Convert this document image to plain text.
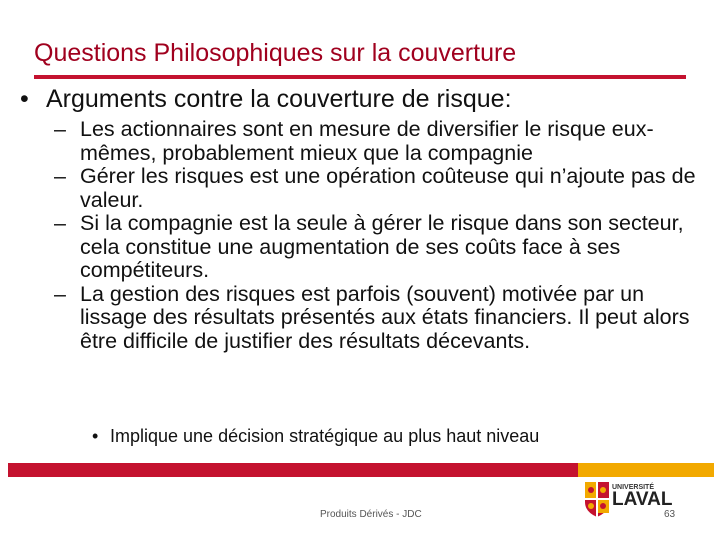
Questions Philosophiques sur la couverture
• Arguments contre la couverture de risque:
– Les actionnaires sont en mesure de diversifier le risque eux-mêmes, probablement mieux que la compagnie
– Gérer les risques est une opération coûteuse qui n’ajoute pas de valeur.
– Si la compagnie est la seule à gérer le risque dans son secteur, cela constitue une augmentation de ses coûts face à ses compétiteurs.
– La gestion des risques est parfois (souvent) motivée par un lissage des résultats présentés aux états financiers. Il peut alors être difficile de justifier des résultats décevants.
• Implique une décision stratégique au plus haut niveau
UNIVERSITÉ
LAVAL
Produits Dérivés - JDC	63
